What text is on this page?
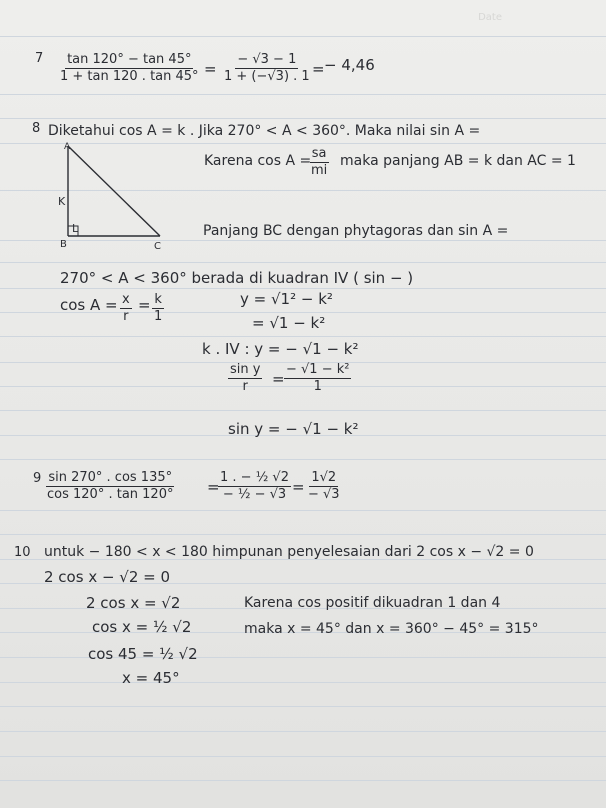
Date
$7 \frac{\tan 120^\circ - \tan 45^\circ}{1 + \tan 120 . \tan 45^\circ} = \frac{- √3 - 1}{1 + (-√3) . 1}$ = − 4,46
8 Diketahui cos A = k . Jika 270° < A < 360°. Maka nilai sin A =
Karena cos A =
$\frac{sa}{mi}$ maka panjang AB = k dan AC = 1
A
K
L
B	C
Panjang BC dengan phytagoras dan sin A =
270° < A < 360° berada di kuadran IV ( sin − )
$\cos A = \frac{x}{r} = \frac{k}{1}$	y = √1² − k²
= √1 − k²
k . IV : y = − √1 − k²
$\frac{\text{sin y}}{r} = \frac{\text{− √1 − k²}}{1}$
sin y = − √1 − k²
$9 \frac{\sin 270^\circ . \cos 135^\circ}{\cos 120^\circ . \tan 120^\circ}$ =
$\frac{\text{1 . − ½ √2}}{\text{− ½ − √3}} = \frac{1√2}{- √3}$
10 untuk − 180 < x < 180 himpunan penyelesaian dari 2 cos x − √2 = 0
2 cos x − √2 = 0
2 cos x = √2
cos x = ½ √2
cos 45 = ½ √2
x = 45°
Karena cos positif dikuadran 1 dan 4
maka x = 45° dan x = 360° − 45° = 315°
